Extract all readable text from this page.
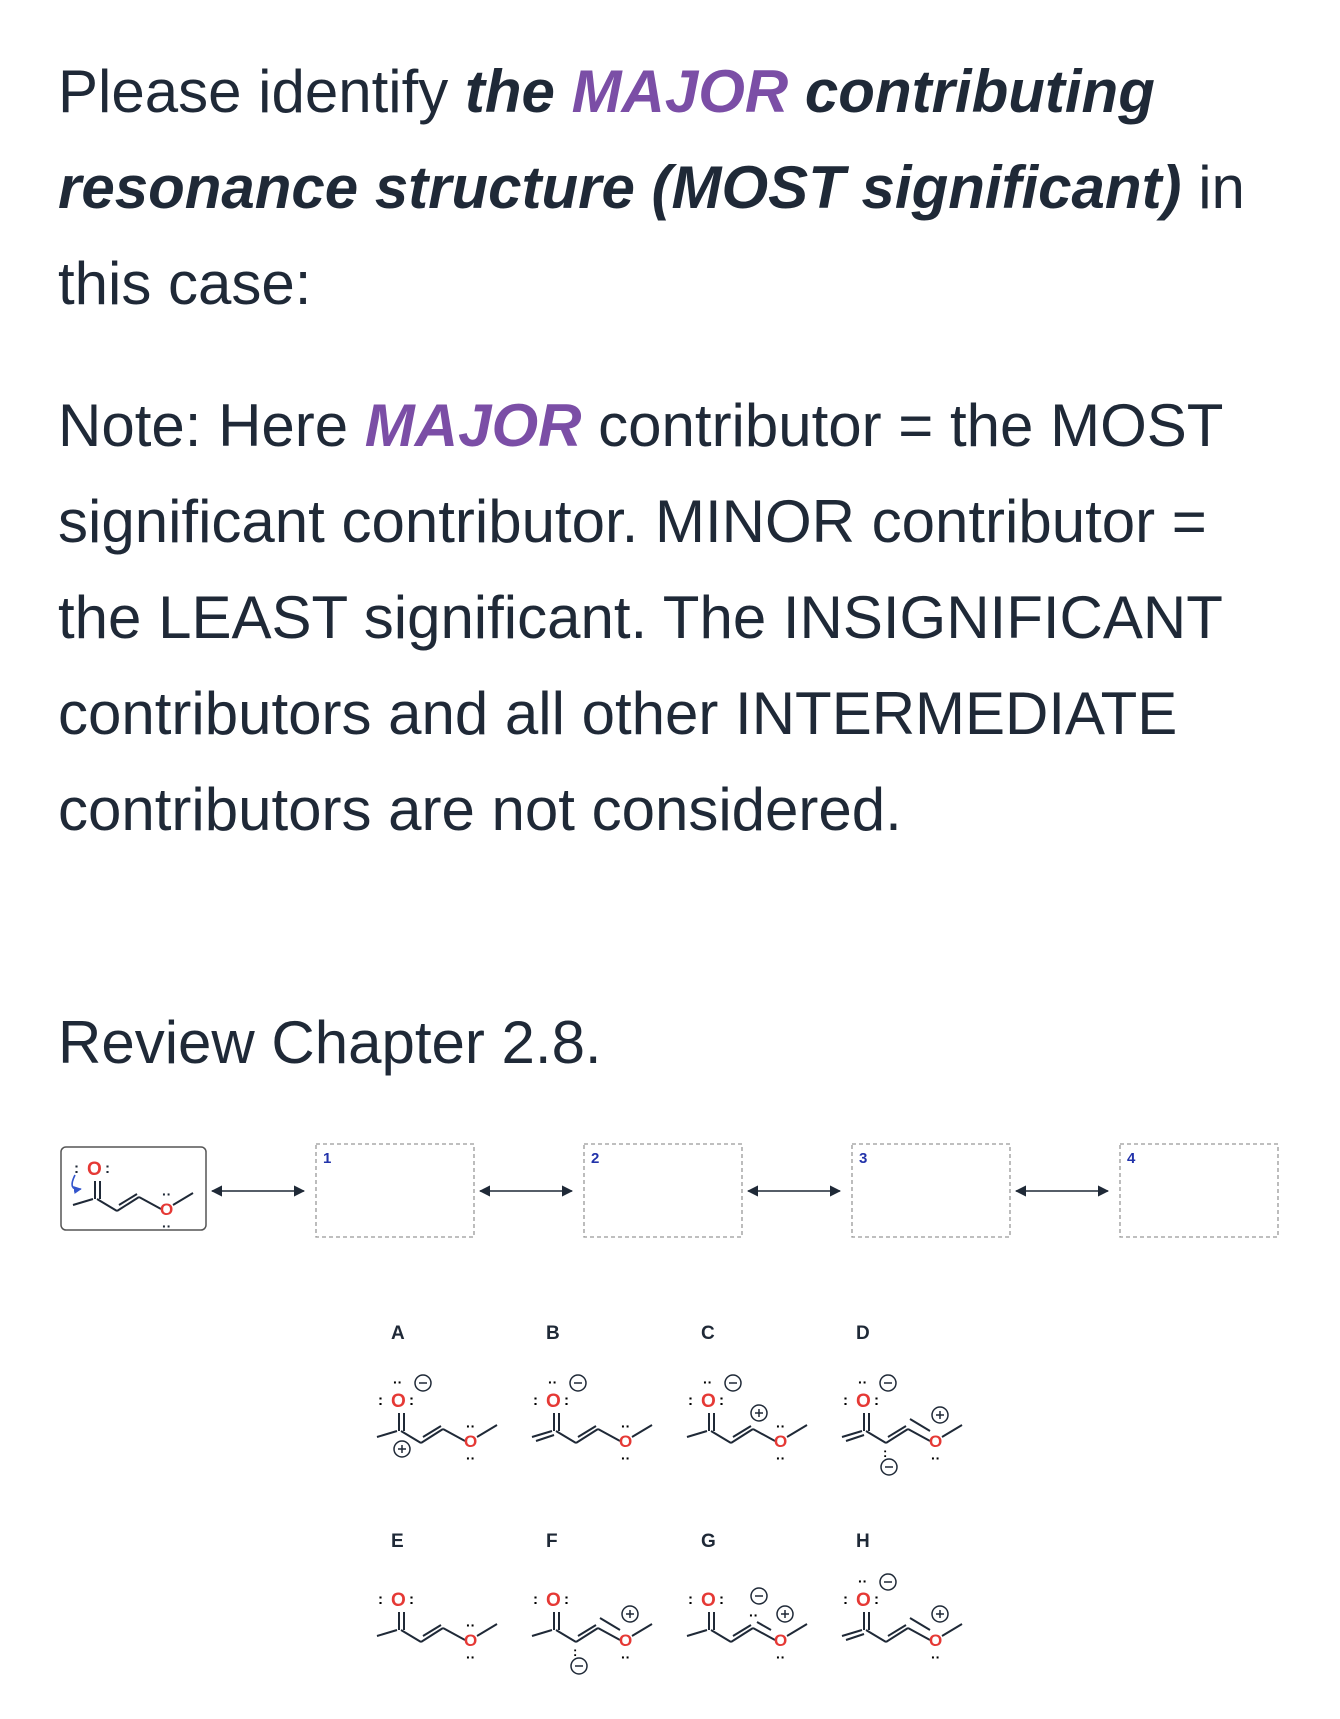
Please identify the MAJOR contributing resonance structure (MOST significant) in this case:

Note: Here MAJOR contributor = the MOST significant contributor. MINOR contributor = the LEAST significant. The INSIGNIFICANT contributors and all other INTERMEDIATE contributors are not considered.

Review Chapter 2.8.

O
: :
O
··
··
1	2	3	4
A
O
: :
··
O
··
··
B
O
: :
··
O
··
··
C
O
: :
··
O
··
··
D
O
: :
··
:
O
··
E
O
: :
O
··
··
F
O
: :
:
O
··
G
O
: :
··
O
··
H
O
: :
··
O
··
